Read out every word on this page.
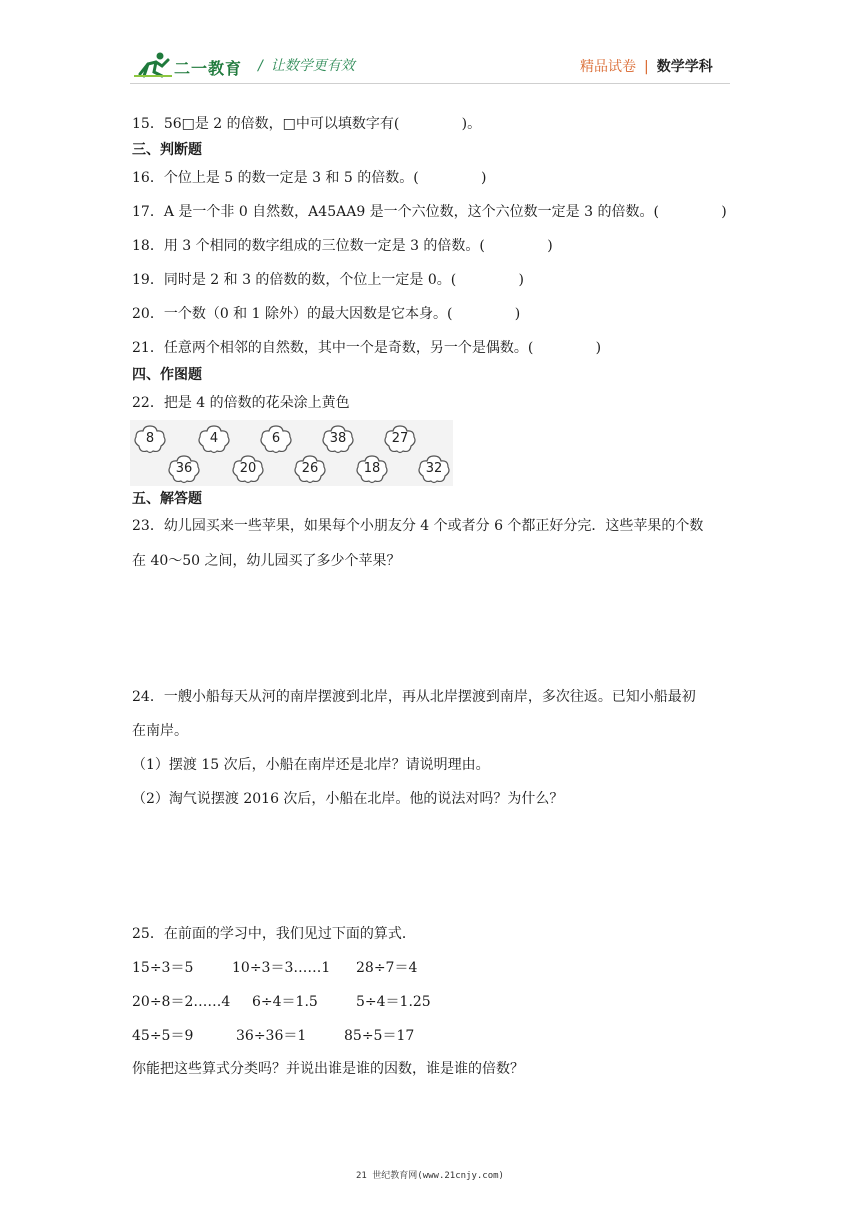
二一教育 / 让数学更有效	精品试卷 | 数学学科
15．56□是 2 的倍数，□中可以填数字有(              )。
三、判断题
16．个位上是 5 的数一定是 3 和 5 的倍数。(              )
17．A 是一个非 0 自然数，A45AA9 是一个六位数，这个六位数一定是 3 的倍数。(              )
18．用 3 个相同的数字组成的三位数一定是 3 的倍数。(              )
19．同时是 2 和 3 的倍数的数，个位上一定是 0。(              )
20．一个数（0 和 1 除外）的最大因数是它本身。(              )
21．任意两个相邻的自然数，其中一个是奇数，另一个是偶数。(              )
四、作图题
22．把是 4 的倍数的花朵涂上黄色
8	4	6	38	27
36	20	26	18	32
五、解答题
23．幼儿园买来一些苹果，如果每个小朋友分 4 个或者分 6 个都正好分完．这些苹果的个数
在 40～50 之间，幼儿园买了多少个苹果？
24．一艘小船每天从河的南岸摆渡到北岸，再从北岸摆渡到南岸，多次往返。已知小船最初
在南岸。
（1）摆渡 15 次后，小船在南岸还是北岸？请说明理由。
（2）淘气说摆渡 2016 次后，小船在北岸。他的说法对吗？为什么？
25．在前面的学习中，我们见过下面的算式．
15÷3＝5	10÷3＝3……1 28÷7＝4
20÷8＝2……4 6÷4＝1.5	5÷4＝1.25
45÷5＝9	36÷36＝1	85÷5＝17
你能把这些算式分类吗？并说出谁是谁的因数，谁是谁的倍数？
21 世纪教育网(www.21cnjy.com)
